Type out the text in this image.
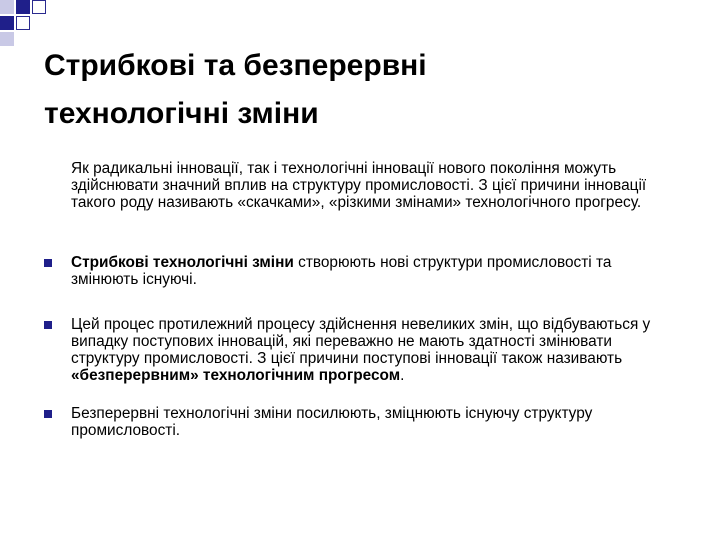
Стрибкові та безперервні
технологічні зміни

Як радикальні інновації, так і технологічні інновації нового покоління можуть здійснювати значний вплив на структуру промисловості. З цієї причини інновації такого роду називають «скачками», «різкими змінами» технологічного прогресу.

Стрибкові технологічні зміни створюють нові структури промисловості та змінюють існуючі.

Цей процес протилежний процесу здійснення невеликих змін, що відбуваються у випадку поступових інновацій, які переважно не мають здатності змінювати структуру промисловості. З цієї причини поступові інновації також називають «безперервним» технологічним прогресом.

Безперервні технологічні зміни посилюють, зміцнюють існуючу структуру промисловості.
